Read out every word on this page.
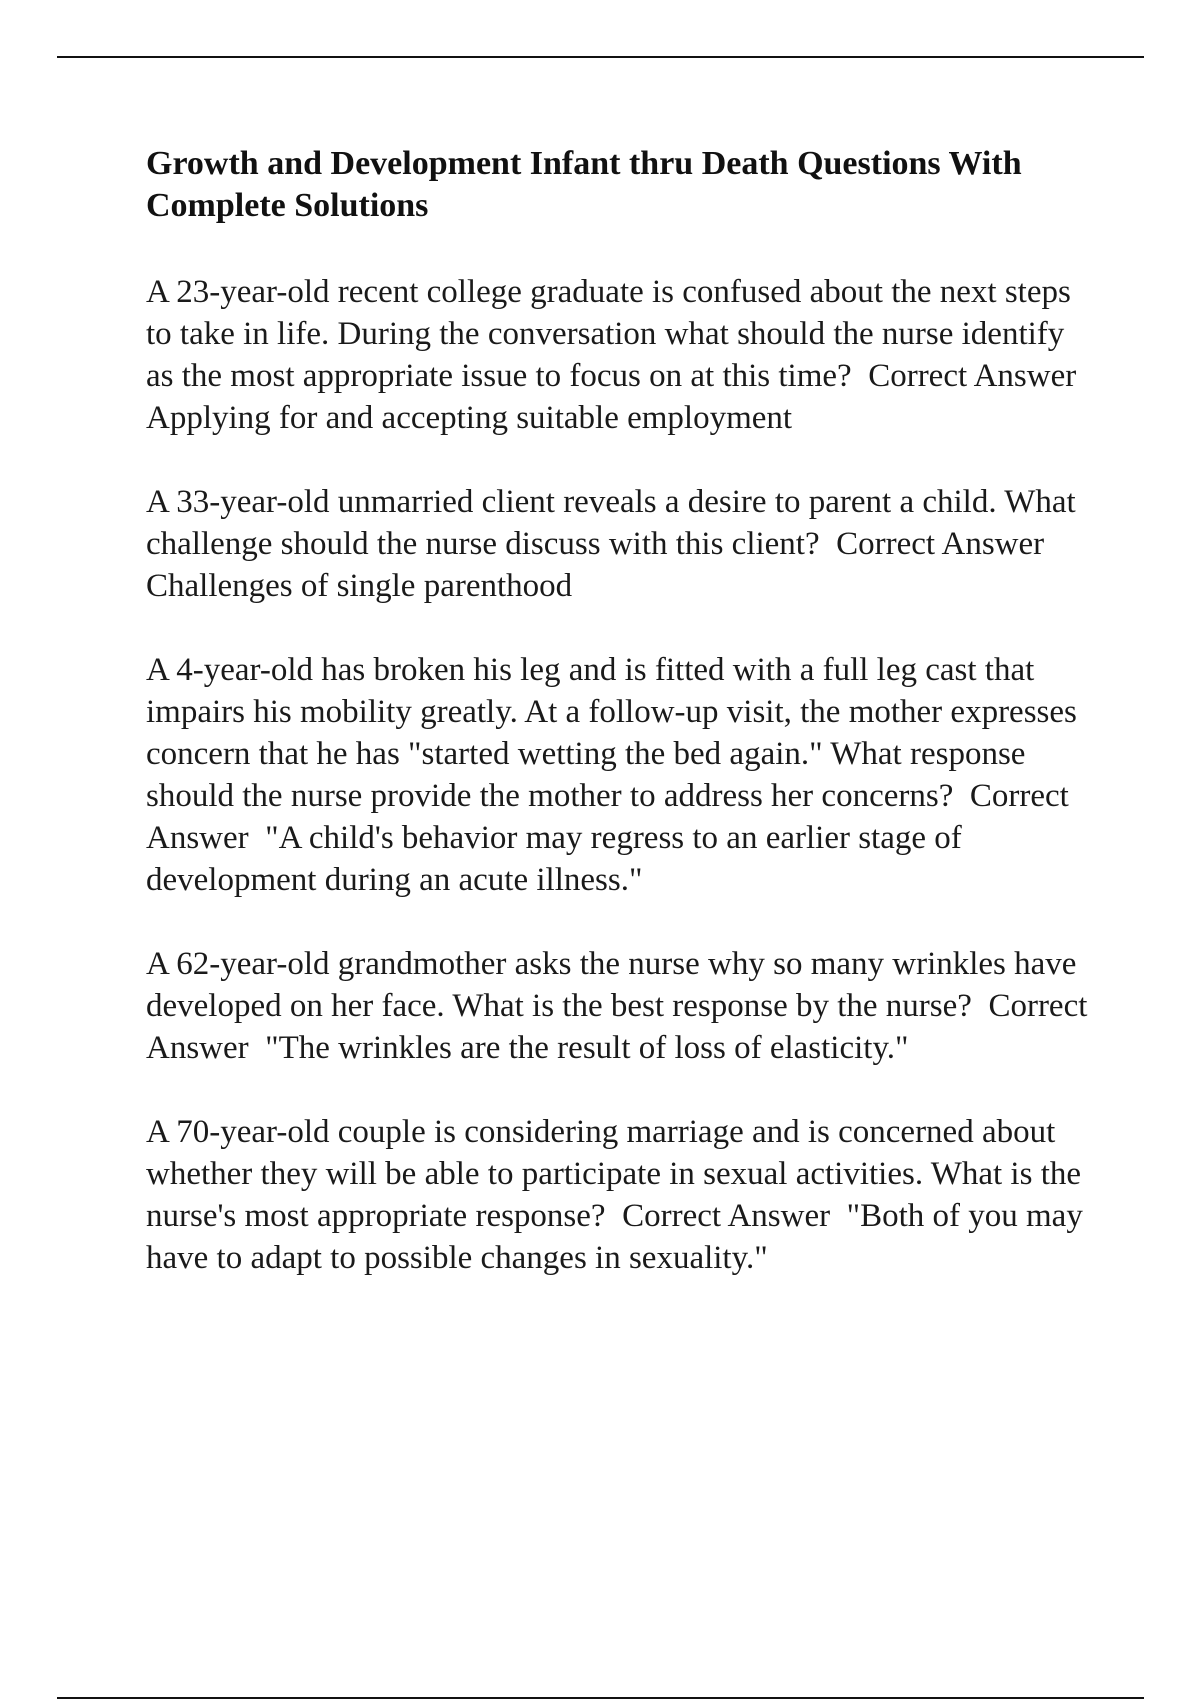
Growth and Development Infant thru Death Questions With Complete Solutions

A 23-year-old recent college graduate is confused about the next steps to take in life. During the conversation what should the nurse identify as the most appropriate issue to focus on at this time? Correct Answer  Applying for and accepting suitable employment

A 33-year-old unmarried client reveals a desire to parent a child. What challenge should the nurse discuss with this client? Correct Answer  Challenges of single parenthood

A 4-year-old has broken his leg and is fitted with a full leg cast that impairs his mobility greatly. At a follow-up visit, the mother expresses concern that he has "started wetting the bed again." What response should the nurse provide the mother to address her concerns? Correct Answer "A child's behavior may regress to an earlier stage of development during an acute illness."

A 62-year-old grandmother asks the nurse why so many wrinkles have developed on her face. What is the best response by the nurse? Correct Answer "The wrinkles are the result of loss of elasticity."

A 70-year-old couple is considering marriage and is concerned about whether they will be able to participate in sexual activities. What is the nurse's most appropriate response? Correct Answer "Both of you may have to adapt to possible changes in sexuality."
